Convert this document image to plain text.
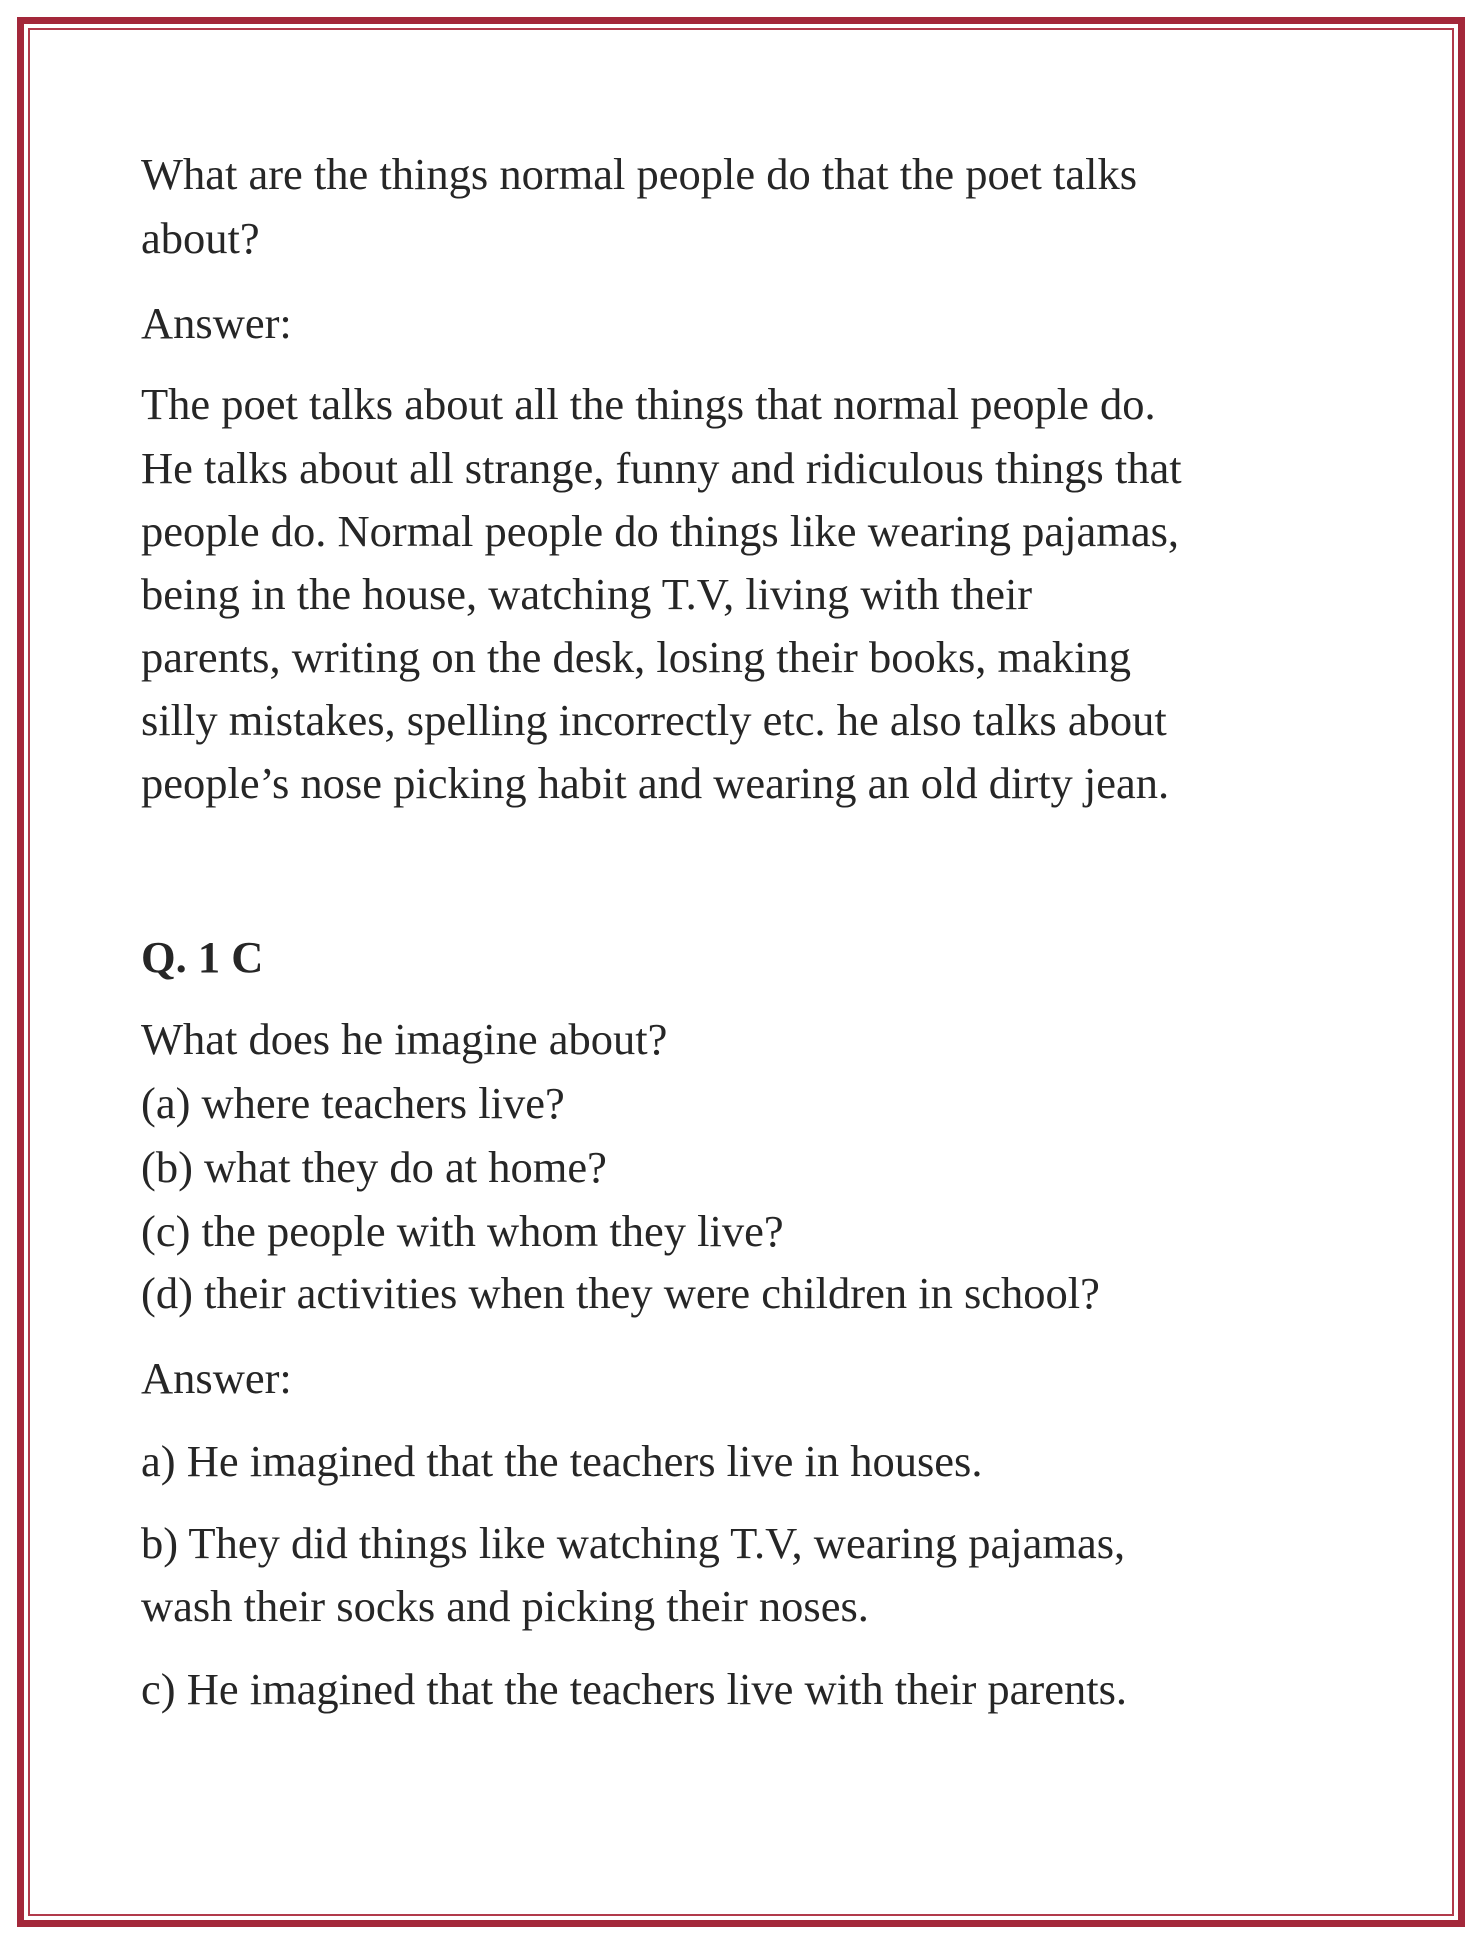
What are the things normal people do that the poet talks
about?
Answer:
The poet talks about all the things that normal people do.
He talks about all strange, funny and ridiculous things that
people do. Normal people do things like wearing pajamas,
being in the house, watching T.V, living with their
parents, writing on the desk, losing their books, making
silly mistakes, spelling incorrectly etc. he also talks about
people’s nose picking habit and wearing an old dirty jean.
Q. 1 C
What does he imagine about?
(a) where teachers live?
(b) what they do at home?
(c) the people with whom they live?
(d) their activities when they were children in school?
Answer:
a) He imagined that the teachers live in houses.
b) They did things like watching T.V, wearing pajamas,
wash their socks and picking their noses.
c) He imagined that the teachers live with their parents.
